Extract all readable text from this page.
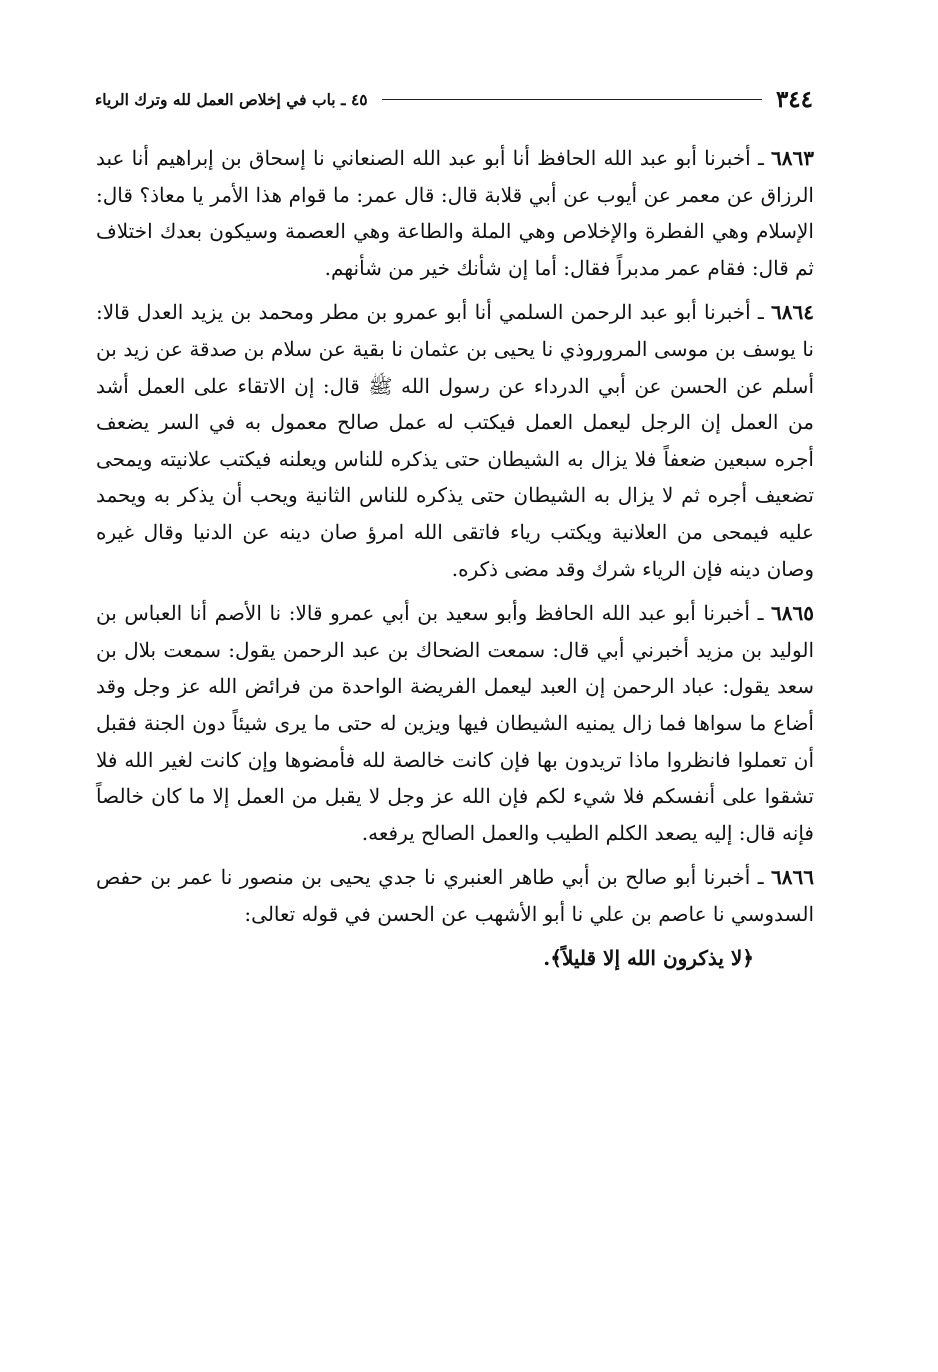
٣٤٤
٤٥ ـ باب في إخلاص العمل لله وترك الرياء

٦٨٦٣ ـ أخبرنا أبو عبد الله الحافظ أنا أبو عبد الله الصنعاني نا إسحاق بن إبراهيم أنا عبد الرزاق عن معمر عن أيوب عن أبي قلابة قال: قال عمر: ما قوام هذا الأمر يا معاذ؟ قال: الإسلام وهي الفطرة والإخلاص وهي الملة والطاعة وهي العصمة وسيكون بعدك اختلاف ثم قال: فقام عمر مدبراً فقال: أما إن شأنك خير من شأنهم.

٦٨٦٤ ـ أخبرنا أبو عبد الرحمن السلمي أنا أبو عمرو بن مطر ومحمد بن يزيد العدل قالا: نا يوسف بن موسى المروروذي نا يحيى بن عثمان نا بقية عن سلام بن صدقة عن زيد بن أسلم عن الحسن عن أبي الدرداء عن رسول الله ﷺ قال: إن الاتقاء على العمل أشد من العمل إن الرجل ليعمل العمل فيكتب له عمل صالح معمول به في السر يضعف أجره سبعين ضعفاً فلا يزال به الشيطان حتى يذكره للناس ويعلنه فيكتب علانيته ويمحى تضعيف أجره ثم لا يزال به الشيطان حتى يذكره للناس الثانية ويحب أن يذكر به ويحمد عليه فيمحى من العلانية ويكتب رياء فاتقى الله امرؤ صان دينه عن الدنيا وقال غيره وصان دينه فإن الرياء شرك وقد مضى ذكره.

٦٨٦٥ ـ أخبرنا أبو عبد الله الحافظ وأبو سعيد بن أبي عمرو قالا: نا الأصم أنا العباس بن الوليد بن مزيد أخبرني أبي قال: سمعت الضحاك بن عبد الرحمن يقول: سمعت بلال بن سعد يقول: عباد الرحمن إن العبد ليعمل الفريضة الواحدة من فرائض الله عز وجل وقد أضاع ما سواها فما زال يمنيه الشيطان فيها ويزين له حتى ما يرى شيئاً دون الجنة فقبل أن تعملوا فانظروا ماذا تريدون بها فإن كانت خالصة لله فأمضوها وإن كانت لغير الله فلا تشقوا على أنفسكم فلا شيء لكم فإن الله عز وجل لا يقبل من العمل إلا ما كان خالصاً فإنه قال: إليه يصعد الكلم الطيب والعمل الصالح يرفعه.

٦٨٦٦ ـ أخبرنا أبو صالح بن أبي طاهر العنبري نا جدي يحيى بن منصور نا عمر بن حفص السدوسي نا عاصم بن علي نا أبو الأشهب عن الحسن في قوله تعالى:

﴿لا يذكرون الله إلا قليلاً﴾.
